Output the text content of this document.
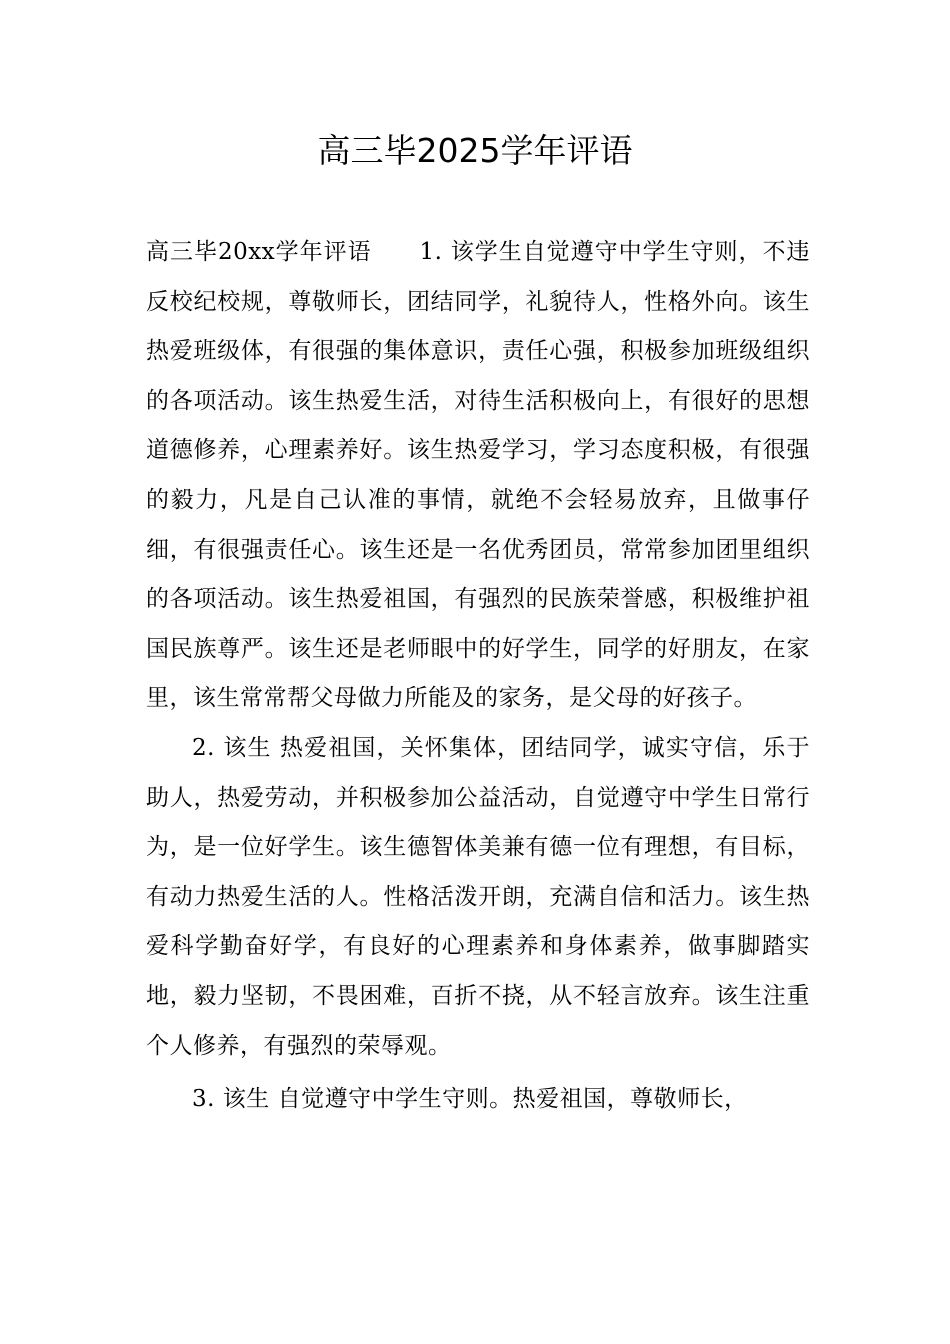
高三毕2025学年评语

高三毕20xx学年评语　　1. 该学生自觉遵守中学生守则，不违反校纪校规，尊敬师长，团结同学，礼貌待人，性格外向。该生热爱班级体，有很强的集体意识，责任心强，积极参加班级组织的各项活动。该生热爱生活，对待生活积极向上，有很好的思想道德修养，心理素养好。该生热爱学习，学习态度积极，有很强的毅力，凡是自己认准的事情，就绝不会轻易放弃，且做事仔细，有很强责任心。该生还是一名优秀团员，常常参加团里组织的各项活动。该生热爱祖国，有强烈的民族荣誉感，积极维护祖国民族尊严。该生还是老师眼中的好学生，同学的好朋友，在家里，该生常常帮父母做力所能及的家务，是父母的好孩子。

2. 该生 热爱祖国，关怀集体，团结同学，诚实守信，乐于助人，热爱劳动，并积极参加公益活动，自觉遵守中学生日常行为，是一位好学生。该生德智体美兼有德一位有理想，有目标，有动力热爱生活的人。性格活泼开朗，充满自信和活力。该生热爱科学勤奋好学，有良好的心理素养和身体素养，做事脚踏实地，毅力坚韧，不畏困难，百折不挠，从不轻言放弃。该生注重个人修养，有强烈的荣辱观。

3. 该生 自觉遵守中学生守则。热爱祖国，尊敬师长，
